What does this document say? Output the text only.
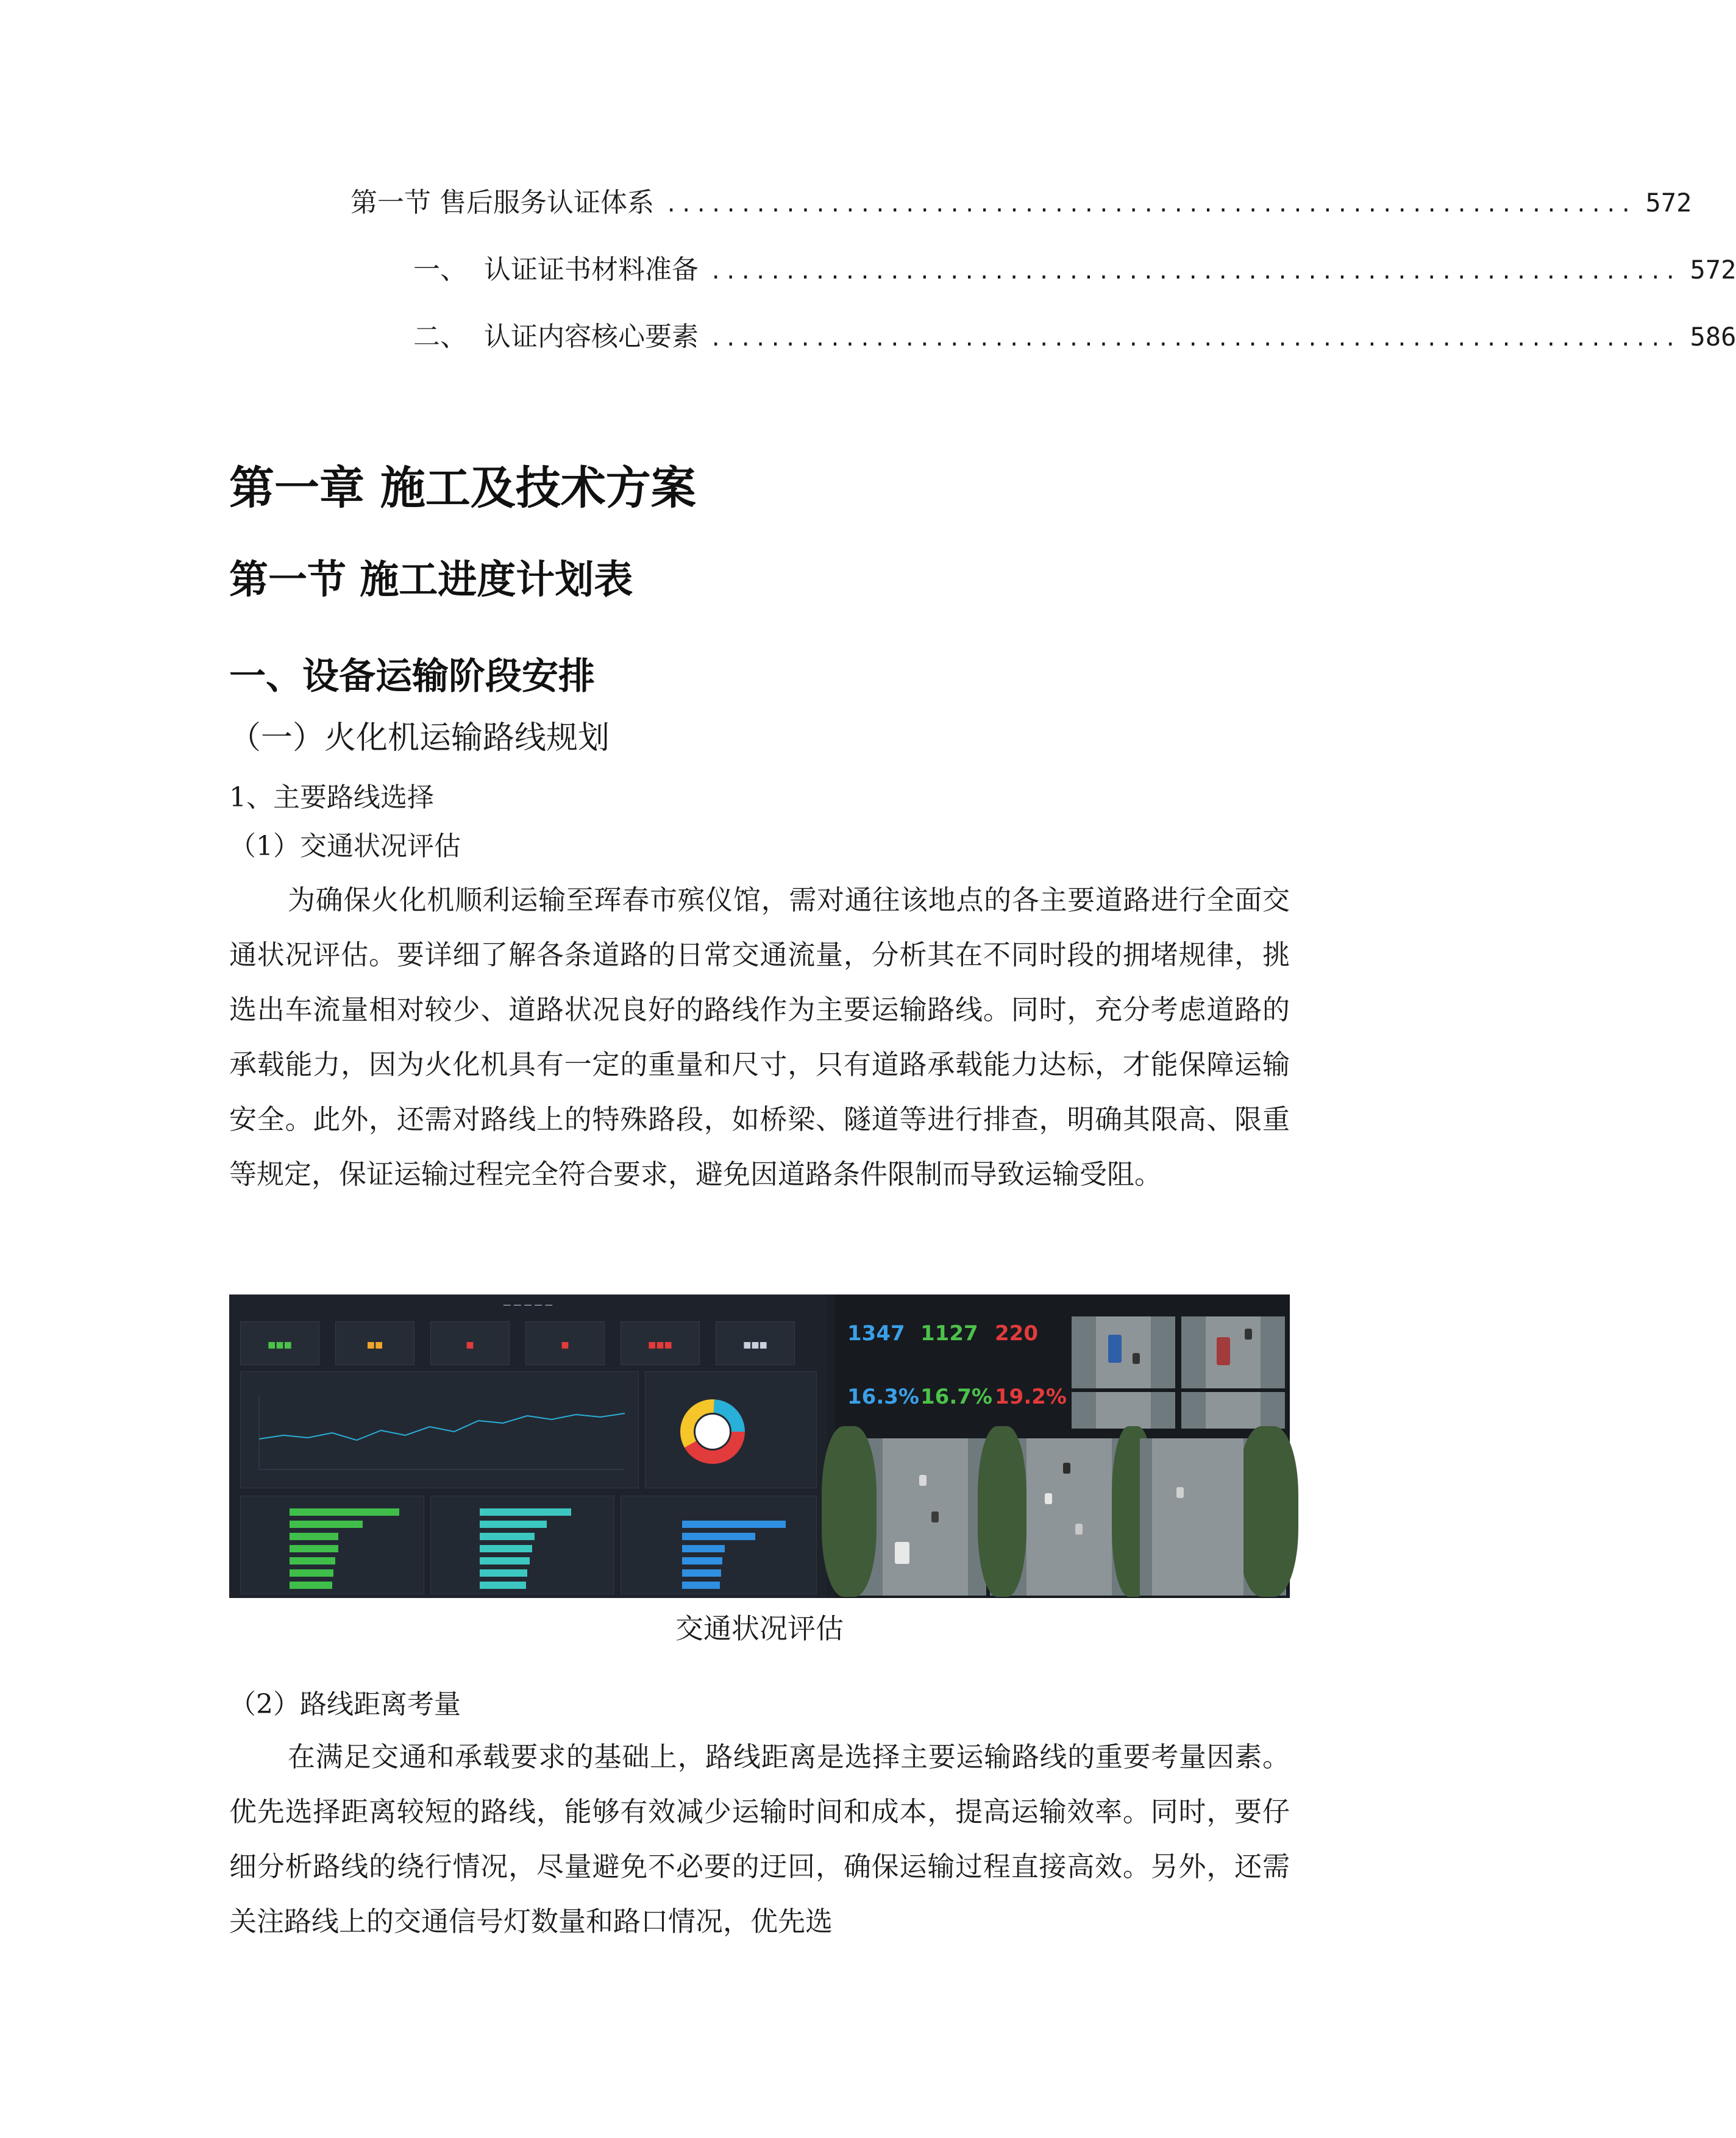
第一节 售后服务认证体系 ................................................................. 572
一、 认证证书材料准备 ................................................................. 572
二、 认证内容核心要素 ................................................................. 586
第一章 施工及技术方案
第一节 施工进度计划表
一、设备运输阶段安排
（一）火化机运输路线规划
1、主要路线选择
（1）交通状况评估

为确保火化机顺利运输至珲春市殡仪馆，需对通往该地点的各主要道路进行全面交通状况评估。要详细了解各条道路的日常交通流量，分析其在不同时段的拥堵规律，挑选出车流量相对较少、道路状况良好的路线作为主要运输路线。同时，充分考虑道路的承载能力，因为火化机具有一定的重量和尺寸，只有道路承载能力达标，才能保障运输安全。此外，还需对路线上的特殊路段，如桥梁、隧道等进行排查，明确其限高、限重等规定，保证运输过程完全符合要求，避免因道路条件限制而导致运输受阻。

— — — — —
■■■	■■	■	■	■■■	■■■	1347 1127 220
16.3% 16.7% 19.2%
交通状况评估
（2）路线距离考量

在满足交通和承载要求的基础上，路线距离是选择主要运输路线的重要考量因素。优先选择距离较短的路线，能够有效减少运输时间和成本，提高运输效率。同时，要仔细分析路线的绕行情况，尽量避免不必要的迂回，确保运输过程直接高效。另外，还需关注路线上的交通信号灯数量和路口情况，优先选
